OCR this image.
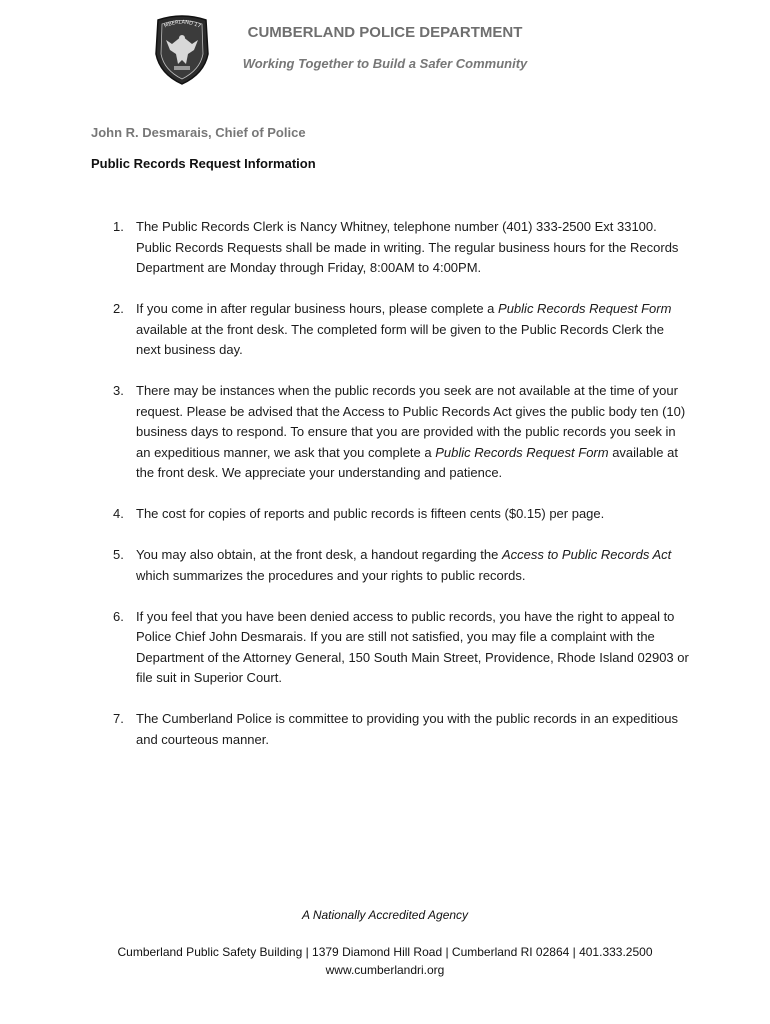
MBERLAND 17	CUMBERLAND POLICE DEPARTMENT
Working Together to Build a Safer Community
John R. Desmarais, Chief of Police
Public Records Request Information
1. The Public Records Clerk is Nancy Whitney, telephone number (401) 333-2500 Ext 33100. Public Records Requests shall be made in writing. The regular business hours for the Records Department are Monday through Friday, 8:00AM to 4:00PM.
2. If you come in after regular business hours, please complete a Public Records Request Form available at the front desk. The completed form will be given to the Public Records Clerk the next business day.
3. There may be instances when the public records you seek are not available at the time of your request. Please be advised that the Access to Public Records Act gives the public body ten (10) business days to respond. To ensure that you are provided with the public records you seek in an expeditious manner, we ask that you complete a Public Records Request Form available at the front desk. We appreciate your understanding and patience.
4. The cost for copies of reports and public records is fifteen cents ($0.15) per page.
5. You may also obtain, at the front desk, a handout regarding the Access to Public Records Act which summarizes the procedures and your rights to public records.
6. If you feel that you have been denied access to public records, you have the right to appeal to Police Chief John Desmarais. If you are still not satisfied, you may file a complaint with the Department of the Attorney General, 150 South Main Street, Providence, Rhode Island 02903 or file suit in Superior Court.
7. The Cumberland Police is committee to providing you with the public records in an expeditious and courteous manner.
A Nationally Accredited Agency
Cumberland Public Safety Building | 1379 Diamond Hill Road | Cumberland RI 02864 | 401.333.2500
www.cumberlandri.org
